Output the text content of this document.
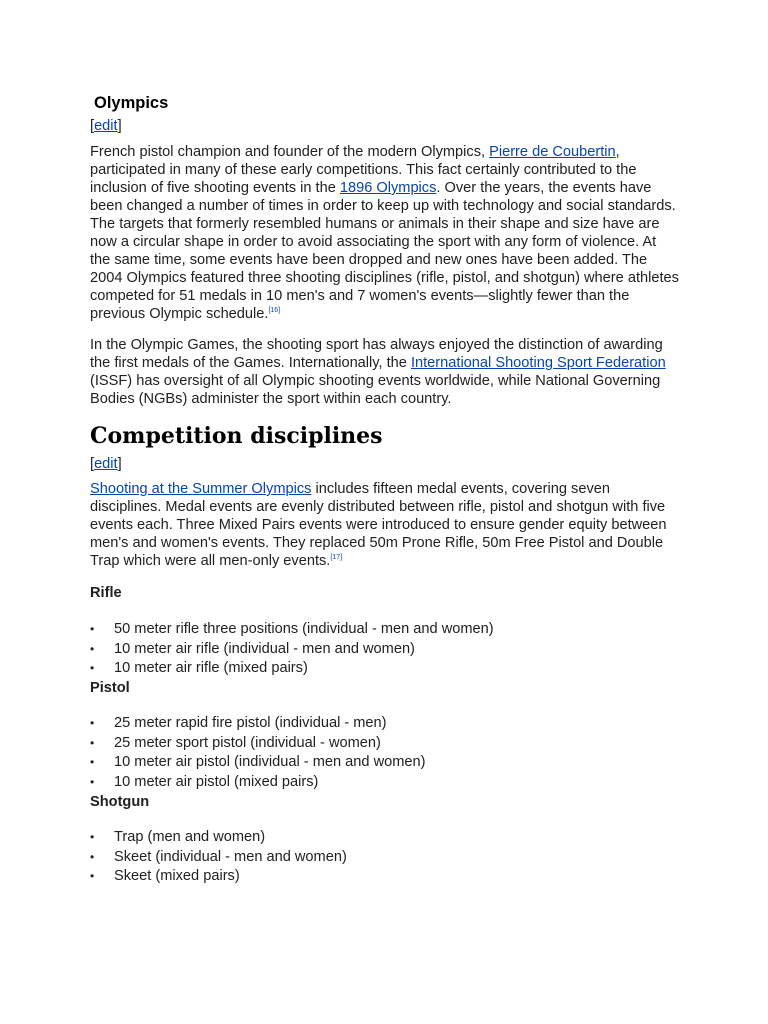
Olympics
[edit]

French pistol champion and founder of the modern Olympics, Pierre de Coubertin, participated in many of these early competitions. This fact certainly contributed to the inclusion of five shooting events in the 1896 Olympics. Over the years, the events have been changed a number of times in order to keep up with technology and social standards. The targets that formerly resembled humans or animals in their shape and size have are now a circular shape in order to avoid associating the sport with any form of violence. At the same time, some events have been dropped and new ones have been added. The 2004 Olympics featured three shooting disciplines (rifle, pistol, and shotgun) where athletes competed for 51 medals in 10 men's and 7 women's events—slightly fewer than the previous Olympic schedule.[16]

In the Olympic Games, the shooting sport has always enjoyed the distinction of awarding the first medals of the Games. Internationally, the International Shooting Sport Federation (ISSF) has oversight of all Olympic shooting events worldwide, while National Governing Bodies (NGBs) administer the sport within each country.

Competition disciplines
[edit]

Shooting at the Summer Olympics includes fifteen medal events, covering seven disciplines. Medal events are evenly distributed between rifle, pistol and shotgun with five events each. Three Mixed Pairs events were introduced to ensure gender equity between men's and women's events. They replaced 50m Prone Rifle, 50m Free Pistol and Double Trap which were all men-only events.[17]

Rifle
•	50 meter rifle three positions (individual - men and women)
•	10 meter air rifle (individual - men and women)
•	10 meter air rifle (mixed pairs)
Pistol
•	25 meter rapid fire pistol (individual - men)
•	25 meter sport pistol (individual - women)
•	10 meter air pistol (individual - men and women)
•	10 meter air pistol (mixed pairs)
Shotgun
•	Trap (men and women)
•	Skeet (individual - men and women)
•	Skeet (mixed pairs)
